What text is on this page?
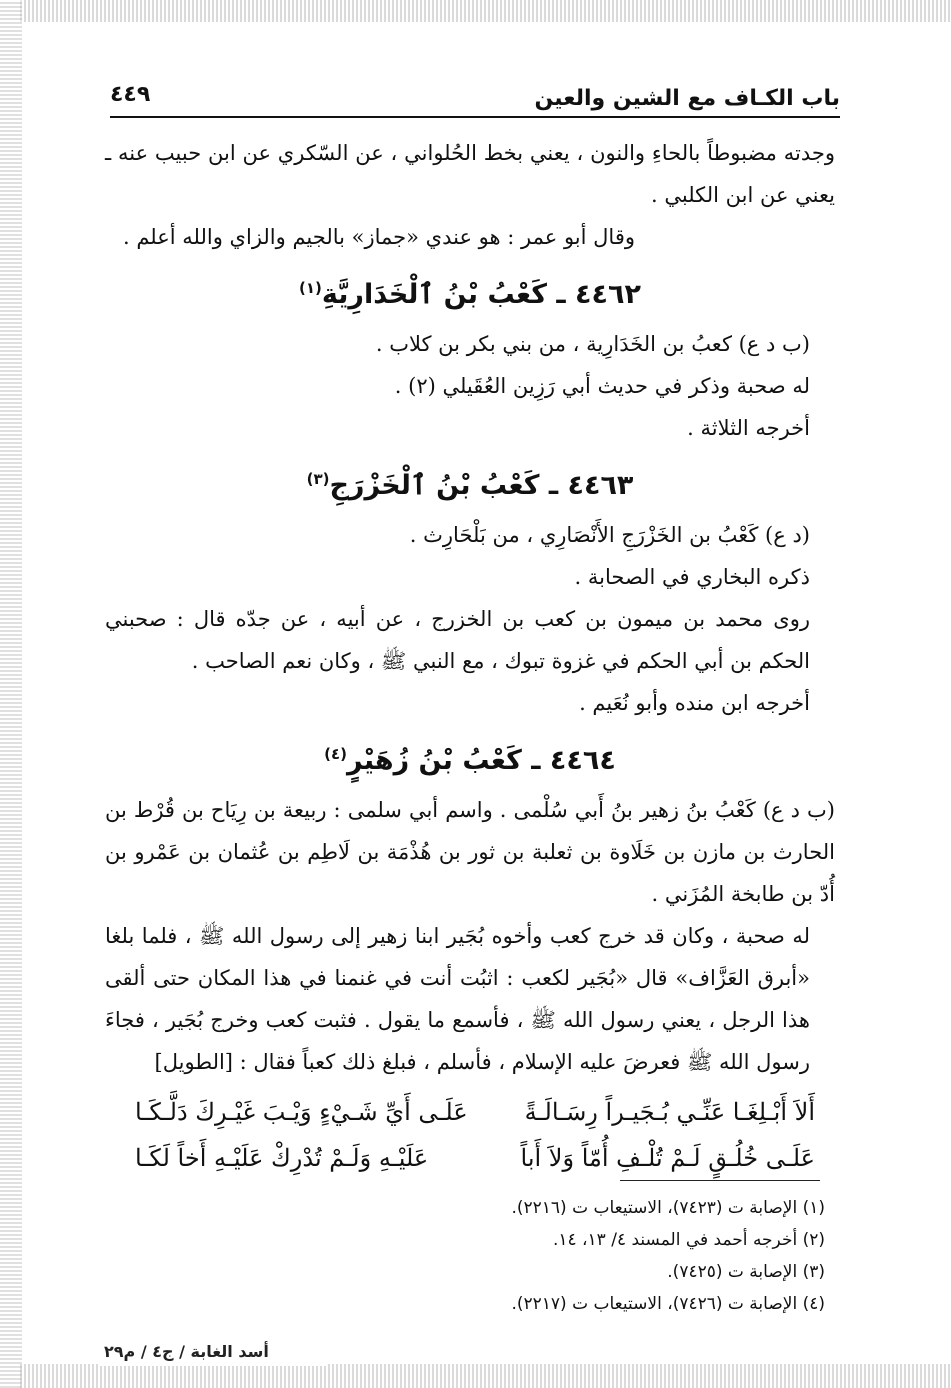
باب الكـاف مع الشين والعين
٤٤٩

وجدته مضبوطاً بالحاءِ والنون ، يعني بخط الحُلواني ، عن السّكري عن ابن حبيب عنه ـ يعني عن ابن الكلبي .

وقال أبو عمر : هو عندي «جماز» بالجيم والزاي والله أعلم .

٤٤٦٢ ـ كَعْبُ بْنُ ٱلْخَدَارِيَّةِ$^{(١)}$

(ب د ع) كعبُ بن الخَدَارِية ، من بني بكر بن كلاب .

له صحبة وذكر في حديث أبي رَزِين العُقَيلي (٢) .

أخرجه الثلاثة .

٤٤٦٣ ـ كَعْبُ بْنُ ٱلْخَزْرَجِ$^{(٣)}$

(د ع) كَعْبُ بن الخَزْرَجِ الأَنْصَارِي ، من بَلْحَارِث .

ذكره البخاري في الصحابة .

روى محمد بن ميمون بن كعب بن الخزرج ، عن أبيه ، عن جدّه قال : صحبني الحكم بن أبي الحكم في غزوة تبوك ، مع النبي ﷺ ، وكان نعم الصاحب .

أخرجه ابن منده وأبو نُعَيم .

٤٤٦٤ ـ كَعْبُ بْنُ زُهَيْرٍ$^{(٤)}$

(ب د ع) كَعْبُ بنُ زهير بنُ أَبي سُلْمى . واسم أبي سلمى : ربيعة بن رِيَاح بن قُرْط بن الحارث بن مازن بن خَلَاوة بن ثعلبة بن ثور بن هُذْمَة بن لَاطِم بن عُثمان بن عَمْرو بن أُدّ بن طابخة المُزَني .

له صحبة ، وكان قد خرج كعب وأخوه بُجَير ابنا زهير إلى رسول الله ﷺ ، فلما بلغا «أبرق العَزَّاف» قال «بُجَير لكعب : اثبُت أنت في غنمنا في هذا المكان حتى ألقى هذا الرجل ، يعني رسول الله ﷺ ، فأسمع ما يقول . فثبت كعب وخرج بُجَير ، فجاءَ رسول الله ﷺ فعرضَ عليه الإسلام ، فأسلم ، فبلغ ذلك كعباً فقال : [الطويل]

أَلاَ أَبْـلِغَـا عَنِّـي بُـجَيـراً رِسَـالَـةً
عَلَـى أَيِّ شَـيْءٍ وَيْـبَ غَيْـرِكَ دَلَّـكَـا
عَلَـى خُلُـقٍ لَـمْ تُلْـفِ أُمّاً وَلاَ أَباً
عَلَيْـهِ وَلَـمْ تُدْرِكْ عَلَيْـهِ أَخاً لَكَـا

(١) الإصابة ت (٧٤٢٣)، الاستيعاب ت (٢٢١٦).

(٢) أخرجه أحمد في المسند ٤/ ١٣، ١٤.

(٣) الإصابة ت (٧٤٢٥).

(٤) الإصابة ت (٧٤٢٦)، الاستيعاب ت (٢٢١٧).

أسد الغابة / ج٤ / م٢٩
